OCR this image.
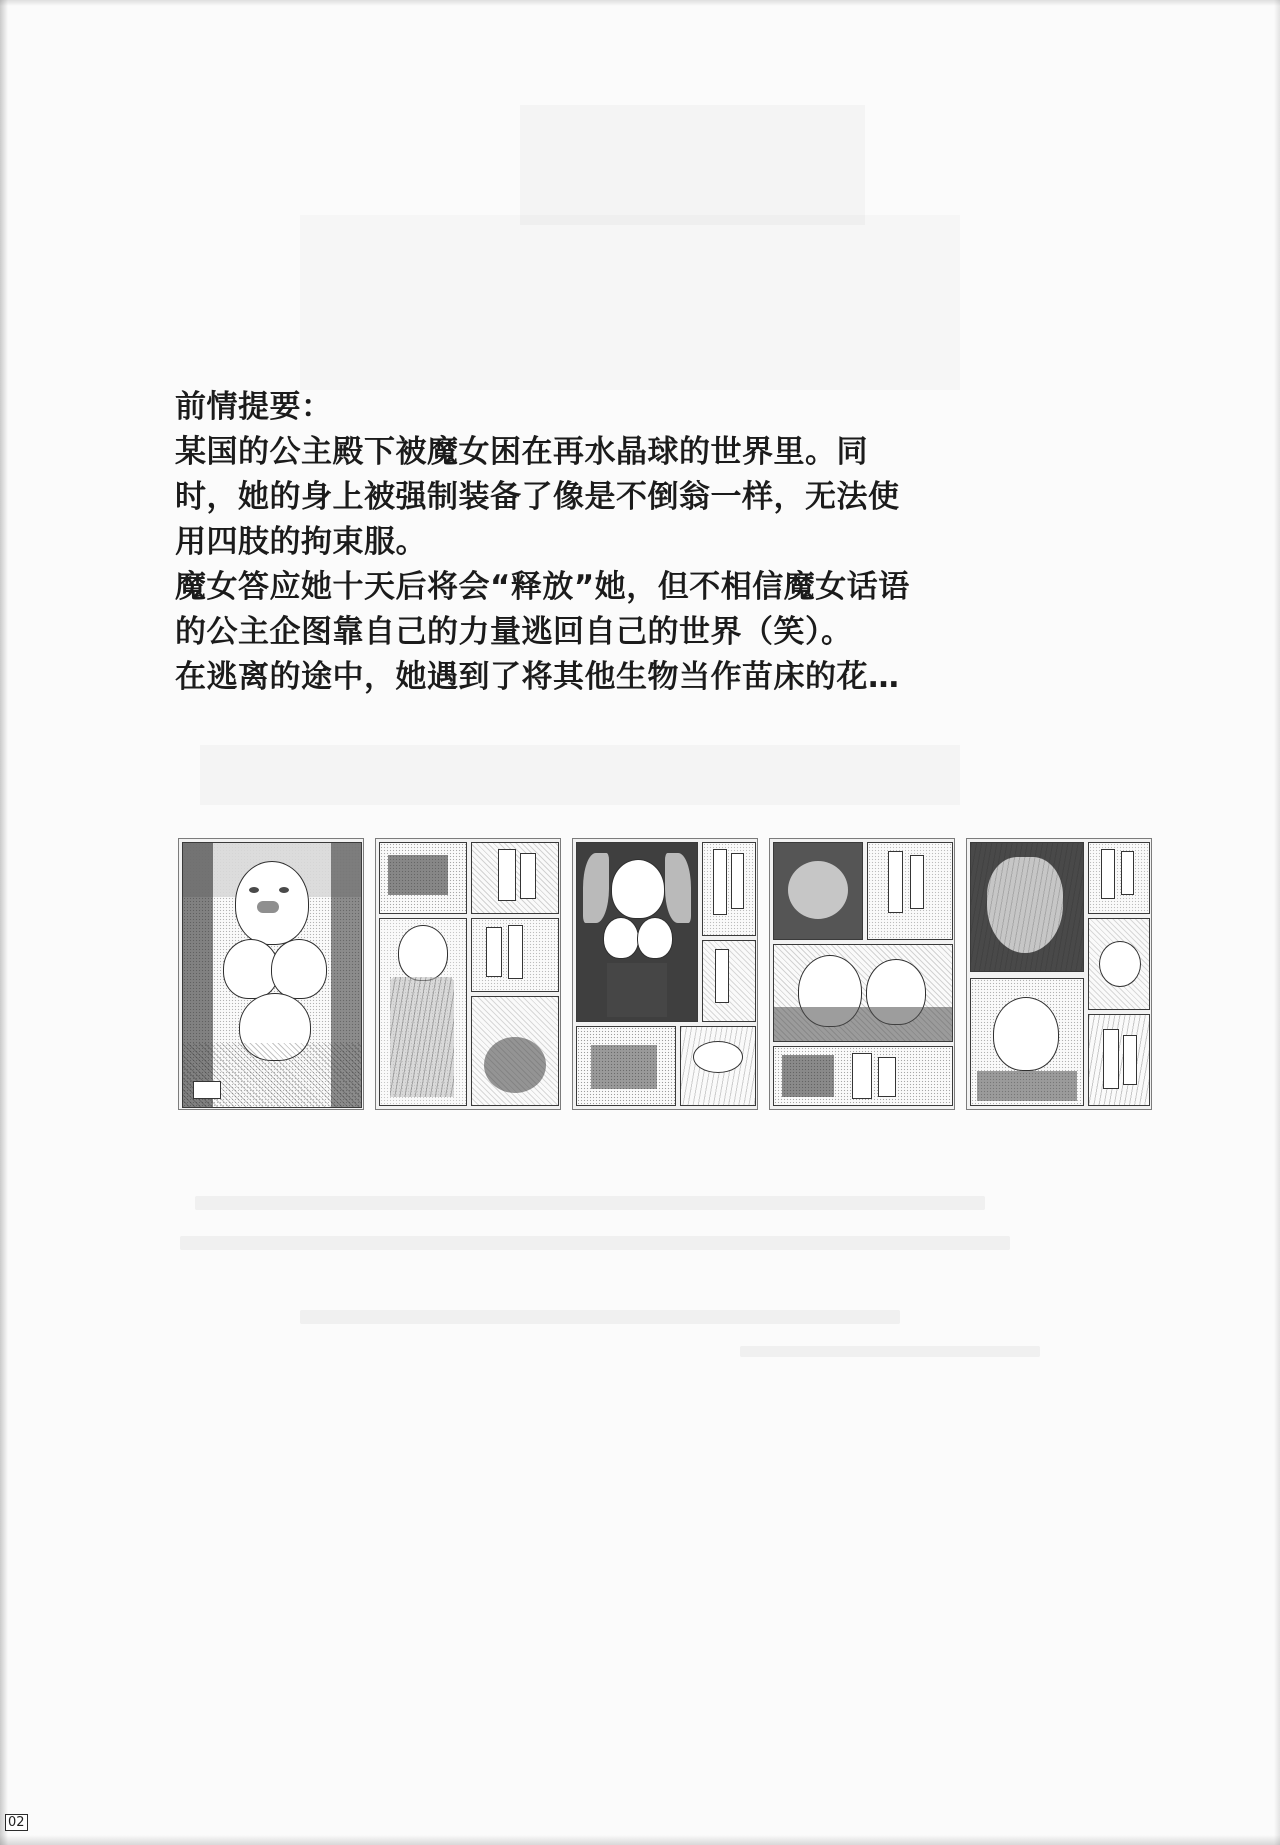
前情提要：

某国的公主殿下被魔女困在再水晶球的世界里。同

时，她的身上被强制装备了像是不倒翁一样，无法使

用四肢的拘束服。

魔女答应她十天后将会“释放”她，但不相信魔女话语

的公主企图靠自己的力量逃回自己的世界（笑）。

在逃离的途中，她遇到了将其他生物当作苗床的花…

02
